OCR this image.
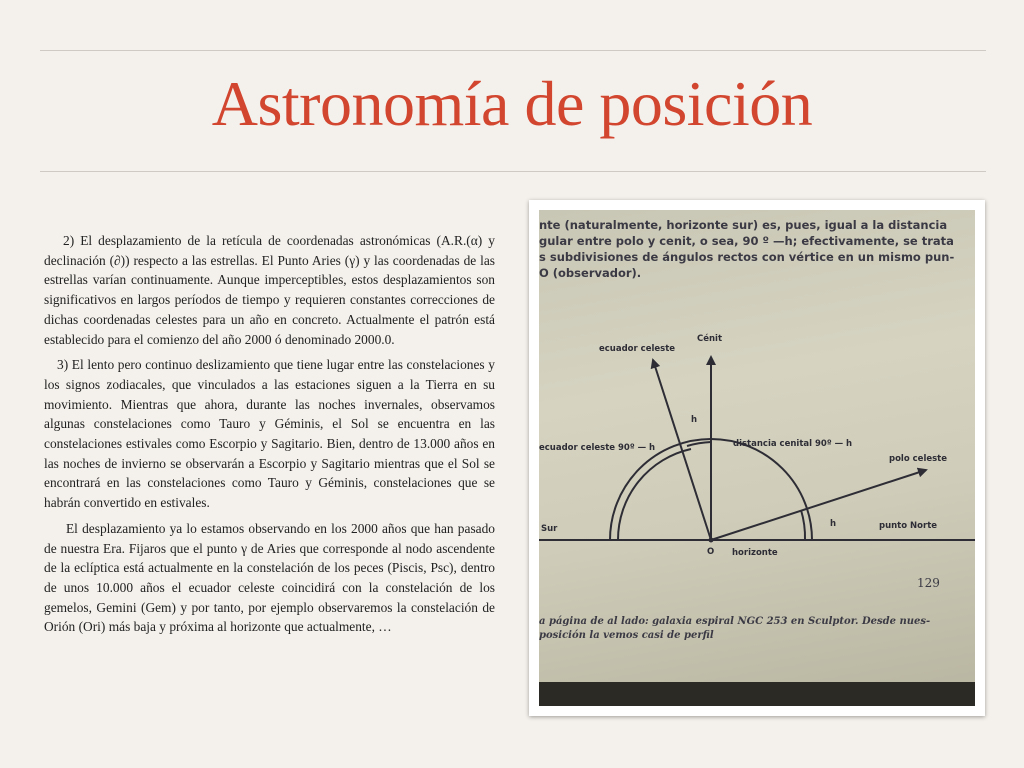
Astronomía de posición

2) El desplazamiento de la retícula de coordenadas astronómicas (A.R.(α) y declinación (∂)) respecto a las estrellas. El Punto Aries (γ) y las coordenadas de las estrellas varían continuamente. Aunque imperceptibles, estos desplazamientos son significativos en largos períodos de tiempo y requieren constantes correcciones de dichas coordenadas celestes para un año en concreto. Actualmente el patrón está establecido para el comienzo del año 2000 ó denominado 2000.0.

3) El lento pero continuo deslizamiento que tiene lugar entre las constelaciones y los signos zodiacales, que vinculados a las estaciones siguen a la Tierra en su movimiento. Mientras que ahora, durante las noches invernales, observamos algunas constelaciones como Tauro y Géminis, el Sol se encuentra en las constelaciones estivales como Escorpio y Sagitario. Bien, dentro de 13.000 años en las noches de invierno se observarán a Escorpio y Sagitario mientras que el Sol se encontrará en las constelaciones como Tauro y Géminis, constelaciones que se habrán convertido en estivales.

El desplazamiento ya lo estamos observando en los 2000 años que han pasado de nuestra Era. Fijaros que el punto γ de Aries que corresponde al nodo ascendente de la eclíptica está actualmente en la constelación de los peces (Piscis, Psc), dentro de unos 10.000 años el ecuador celeste coincidirá con la constelación de los gemelos, Gemini (Gem) y por tanto, por ejemplo observaremos la constelación de Orión (Ori) más baja y próxima al horizonte que actualmente, …

nte (naturalmente, horizonte sur) es, pues, igual a la distancia
gular entre polo y cenit, o sea, 90 º —h; efectivamente, se trata
s subdivisiones de ángulos rectos con vértice en un mismo pun-
O (observador).
ecuador celeste
Cénit
h
ecuador celeste 90º — h	distancia cenital 90º — h
polo celeste
h
Sur	punto Norte
O horizonte
129
a página de al lado: galaxia espiral NGC 253 en Sculptor. Desde nues-
posición la vemos casi de perfil
